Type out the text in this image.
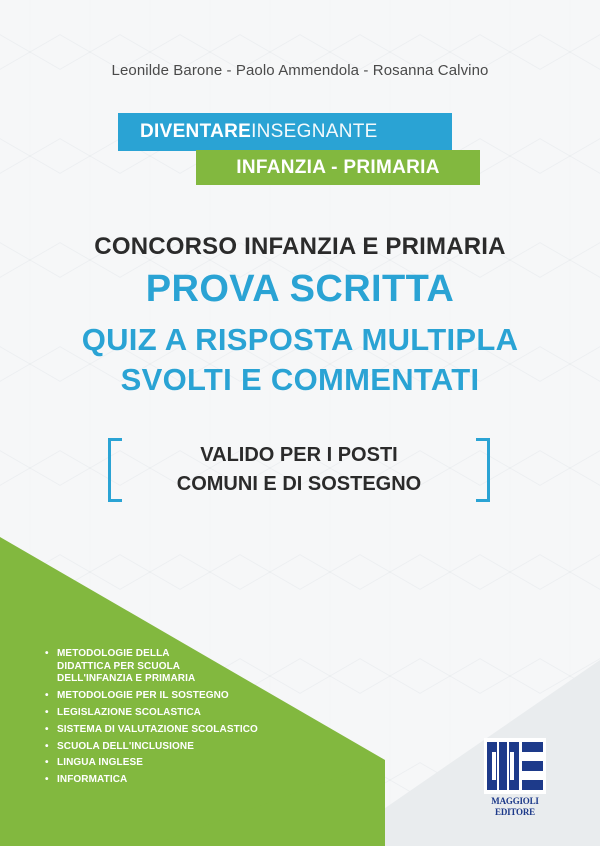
Leonilde Barone - Paolo Ammendola - Rosanna Calvino
DIVENTAREINSEGNANTE
INFANZIA - PRIMARIA
CONCORSO INFANZIA E PRIMARIA
PROVA SCRITTA
QUIZ A RISPOSTA MULTIPLA
SVOLTI E COMMENTATI
VALIDO PER I POSTI
COMUNI E DI SOSTEGNO
• METODOLOGIE DELLA
DIDATTICA PER SCUOLA
DELL'INFANZIA E PRIMARIA
• METODOLOGIE PER IL SOSTEGNO
• LEGISLAZIONE SCOLASTICA
• SISTEMA DI VALUTAZIONE SCOLASTICO
• SCUOLA DELL'INCLUSIONE
• LINGUA INGLESE
• INFORMATICA
MAGGIOLI
EDITORE
